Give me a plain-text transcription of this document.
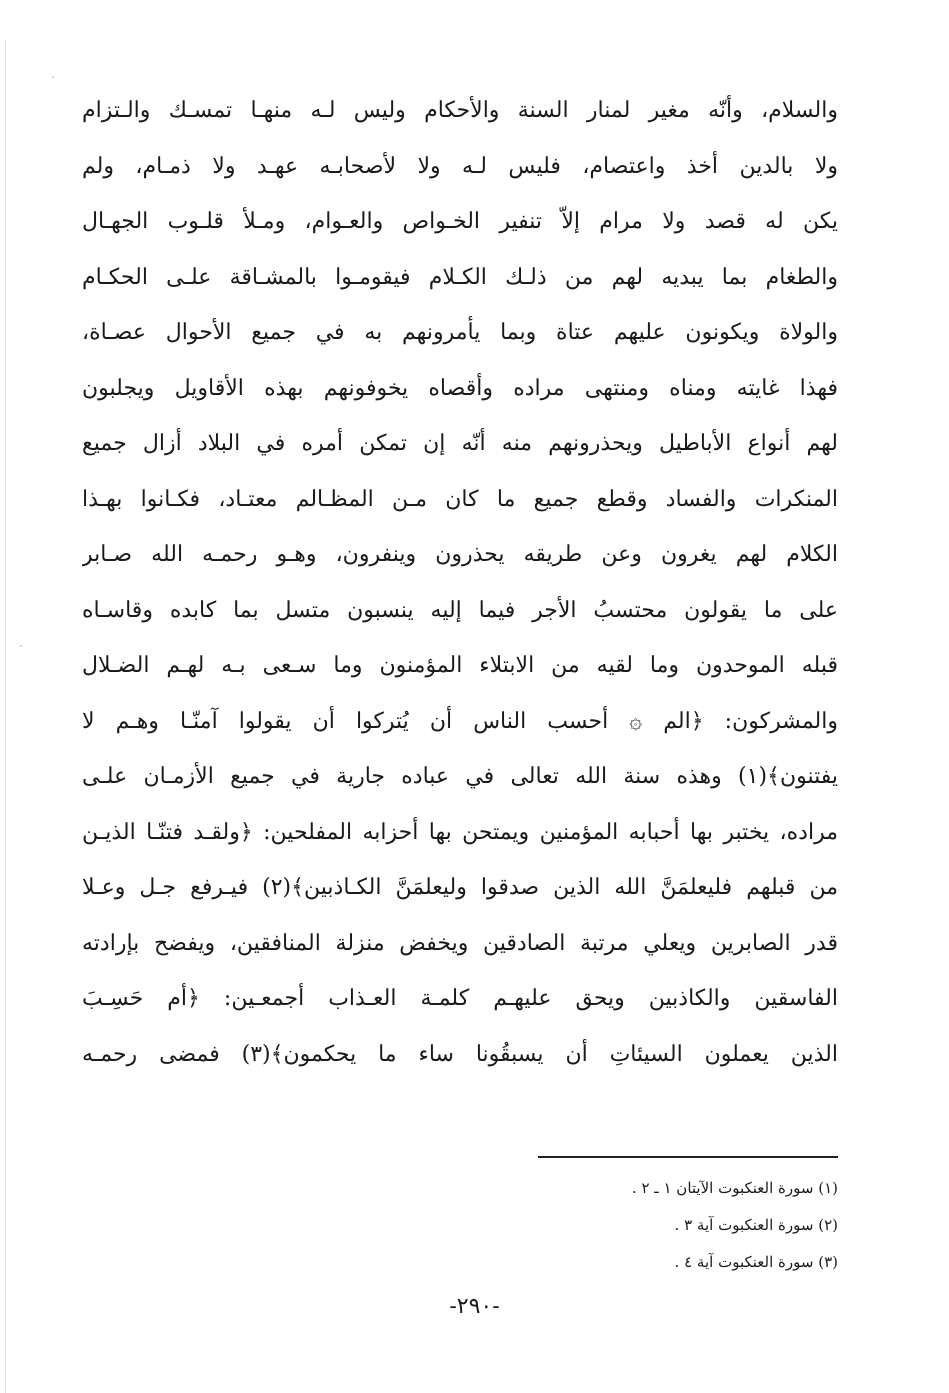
والسلام، وأنّه مغير لمنار السنة والأحكام وليس لـه منهـا تمسـك والـتزام
ولا بالدين أخذ واعتصام، فليس لـه ولا لأصحابـه عهـد ولا ذمـام، ولم
يكن له قصد ولا مرام إلاّ تنفير الخـواص والعـوام، ومـلأ قلـوب الجهـال
والطغام بما يبديه لهم من ذلـك الكـلام فيقومـوا بالمشـاقة علـى الحكـام
والولاة ويكونون عليهم عتاة وبما يأمرونهم به في جميع الأحوال عصـاة،
فهذا غايته ومناه ومنتهى مراده وأقصاه يخوفونهم بهذه الأقاويل ويجلبون
لهم أنواع الأباطيل ويحذرونهم منه أنّه إن تمكن أمره في البلاد أزال جميع
المنكرات والفساد وقطع جميع ما كان مـن المظـالم معتـاد، فكـانوا بهـذا
الكلام لهم يغرون وعن طريقه يحذرون وينفرون، وهـو رحمـه الله صـابر
على ما يقولون محتسبُ الأجر فيما إليه ينسبون متسل بما كابده وقاسـاه
قبله الموحدون وما لقيه من الابتلاء المؤمنون وما سـعى بـه لهـم الضـلال
والمشركون: ﴿الم ۞ أحسب الناس أن يُتركوا أن يقولوا آمنّـا وهـم لا
يفتنون﴾(١) وهذه سنة الله تعالى في عباده جارية في جميع الأزمـان علـى
مراده، يختبر بها أحبابه المؤمنين ويمتحن بها أحزابه المفلحين: ﴿ولقـد فتنّـا الذيـن
من قبلهم فليعلمَنَّ الله الذين صدقوا وليعلمَنَّ الكـاذبين﴾(٢) فيـرفع جـل وعـلا
قدر الصابرين ويعلي مرتبة الصادقين ويخفض منزلة المنافقين، ويفضح بإرادته
الفاسقين والكاذبين ويحق عليهـم كلمـة العـذاب أجمعـين: ﴿أم حَسِـبَ
الذين يعملون السيئاتِ أن يسبقُونا ساء ما يحكمون﴾(٣) فمضى رحمـه
(١) سورة العنكبوت الآيتان ١ ـ ٢ .
(٢) سورة العنكبوت آية ٣ .
(٣) سورة العنكبوت آية ٤ .
-٢٩٠-
